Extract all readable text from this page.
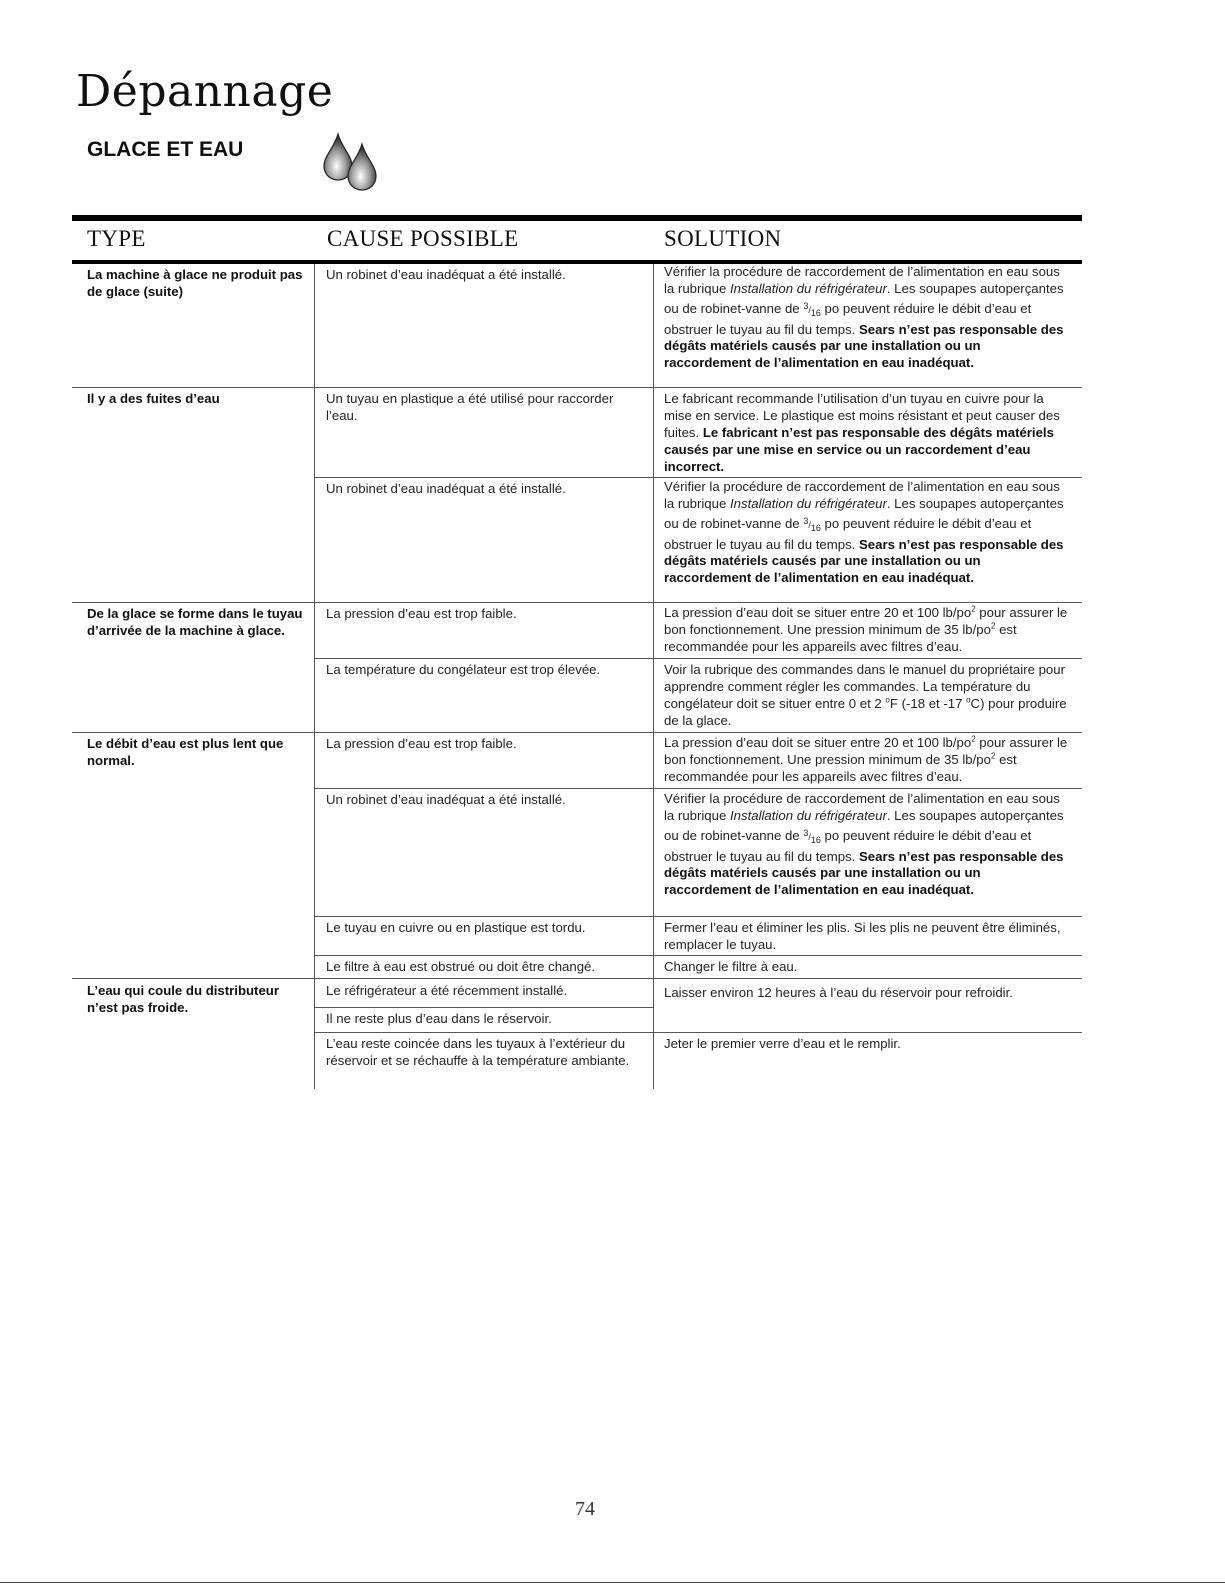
Dépannage
GLACE ET EAU
TYPE	CAUSE POSSIBLE	SOLUTION
La machine à glace ne produit pas de glace (suite)
Il y a des fuites d’eau
De la glace se forme dans le tuyau d’arrivée de la machine à glace.
Le débit d’eau est plus lent que normal.
L’eau qui coule du distributeur n’est pas froide.
Un robinet d’eau inadéquat a été installé.
Un tuyau en plastique a été utilisé pour raccorder l’eau.
Un robinet d’eau inadéquat a été installé.
La pression d’eau est trop faible.
La température du congélateur est trop élevée.
La pression d’eau est trop faible.
Un robinet d’eau inadéquat a été installé.
Le tuyau en cuivre ou en plastique est tordu.
Le filtre à eau est obstrué ou doit être changé.
Le réfrigérateur a été récemment installé.
Il ne reste plus d’eau dans le réservoir.
L’eau reste coincée dans les tuyaux à l’extérieur du réservoir et se réchauffe à la température ambiante.
Vérifier la procédure de raccordement de l’alimentation en eau sous la rubrique Installation du réfrigérateur. Les soupapes autoperçantes ou de robinet-vanne de $^3/_{16}$ po peuvent réduire le débit d’eau et obstruer le tuyau au fil du temps. Sears n’est pas responsable des dégâts matériels causés par une installation ou un raccordement de l’alimentation en eau inadéquat.
Le fabricant recommande l’utilisation d’un tuyau en cuivre pour la mise en service. Le plastique est moins résistant et peut causer des fuites. Le fabricant n’est pas responsable des dégâts matériels causés par une mise en service ou un raccordement d’eau incorrect.
Vérifier la procédure de raccordement de l’alimentation en eau sous la rubrique Installation du réfrigérateur. Les soupapes autoperçantes ou de robinet-vanne de $^3/_{16}$ po peuvent réduire le débit d’eau et obstruer le tuyau au fil du temps. Sears n’est pas responsable des dégâts matériels causés par une installation ou un raccordement de l’alimentation en eau inadéquat.
La pression d’eau doit se situer entre 20 et 100 $lb/po^2$ pour assurer le bon fonctionnement. Une pression minimum de 35 $lb/po^2$ est recommandée pour les appareils avec filtres d’eau.
Voir la rubrique des commandes dans le manuel du propriétaire pour apprendre comment régler les commandes. La température du congélateur doit se situer entre 0 et 2 $^o$F (-18 et -17 $^o$C) pour produire de la glace.
La pression d’eau doit se situer entre 20 et 100 $lb/po^2$ pour assurer le bon fonctionnement. Une pression minimum de 35 $lb/po^2$ est recommandée pour les appareils avec filtres d’eau.
Vérifier la procédure de raccordement de l’alimentation en eau sous la rubrique Installation du réfrigérateur. Les soupapes autoperçantes ou de robinet-vanne de $^3/_{16}$ po peuvent réduire le débit d’eau et obstruer le tuyau au fil du temps. Sears n’est pas responsable des dégâts matériels causés par une installation ou un raccordement de l’alimentation en eau inadéquat.
Fermer l’eau et éliminer les plis. Si les plis ne peuvent être éliminés, remplacer le tuyau.
Changer le filtre à eau.
Laisser environ 12 heures à l’eau du réservoir pour refroidir.
Jeter le premier verre d’eau et le remplir.
74
